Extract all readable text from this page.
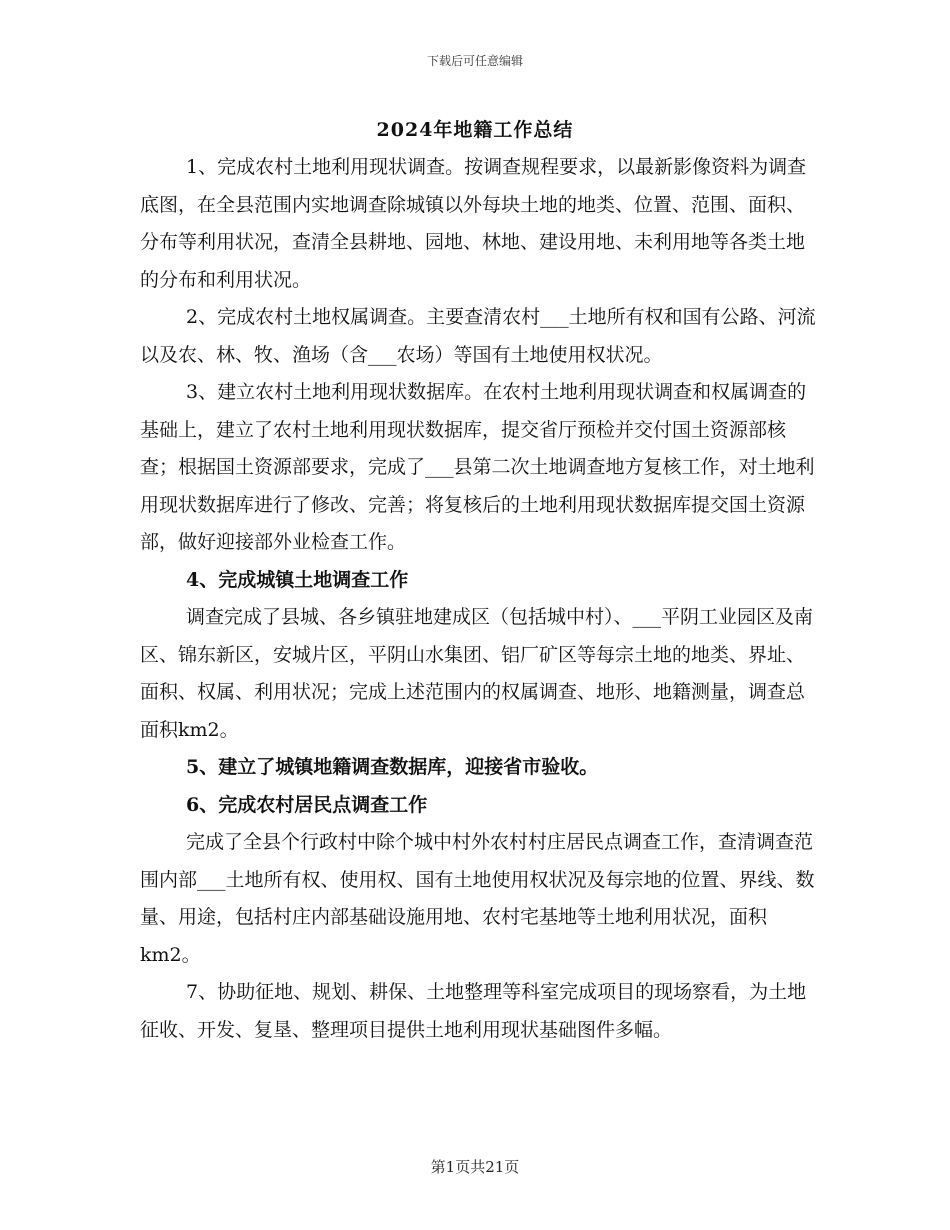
下载后可任意编辑
2024年地籍工作总结

1、完成农村土地利用现状调查。按调查规程要求，以最新影像资料为调查底图，在全县范围内实地调查除城镇以外每块土地的地类、位置、范围、面积、分布等利用状况，查清全县耕地、园地、林地、建设用地、未利用地等各类土地的分布和利用状况。

2、完成农村土地权属调查。主要查清农村___土地所有权和国有公路、河流以及农、林、牧、渔场（含___农场）等国有土地使用权状况。

3、建立农村土地利用现状数据库。在农村土地利用现状调查和权属调查的基础上，建立了农村土地利用现状数据库，提交省厅预检并交付国土资源部核查；根据国土资源部要求，完成了___县第二次土地调查地方复核工作，对土地利用现状数据库进行了修改、完善；将复核后的土地利用现状数据库提交国土资源部，做好迎接部外业检查工作。

4、完成城镇土地调查工作

调查完成了县城、各乡镇驻地建成区（包括城中村）、___平阴工业园区及南区、锦东新区，安城片区，平阴山水集团、铝厂矿区等每宗土地的地类、界址、面积、权属、利用状况；完成上述范围内的权属调查、地形、地籍测量，调查总面积km2。

5、建立了城镇地籍调查数据库，迎接省市验收。

6、完成农村居民点调查工作

完成了全县个行政村中除个城中村外农村村庄居民点调查工作，查清调查范围内部___土地所有权、使用权、国有土地使用权状况及每宗地的位置、界线、数量、用途，包括村庄内部基础设施用地、农村宅基地等土地利用状况，面积km2。

7、协助征地、规划、耕保、土地整理等科室完成项目的现场察看，为土地征收、开发、复垦、整理项目提供土地利用现状基础图件多幅。

第1页共21页
